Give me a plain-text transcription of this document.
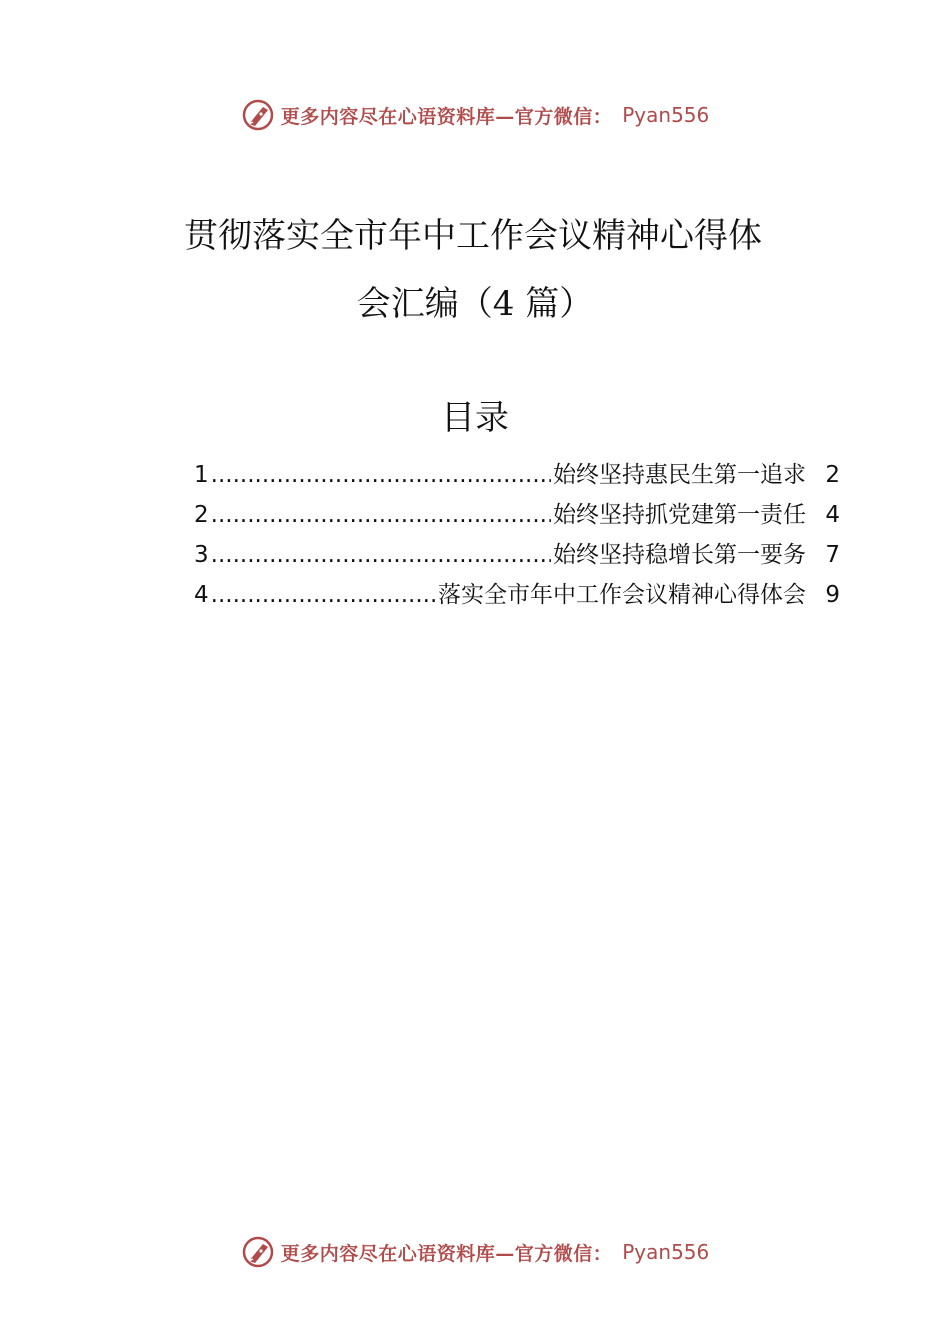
更多内容尽在心语资料库—官方微信： Pyan556
贯彻落实全市年中工作会议精神心得体
会汇编（4 篇）
目录
1 .....	始终坚持惠民生第一追求 2
2 .....	始终坚持抓党建第一责任 4
3 .....	始终坚持稳增长第一要务 7
4 .....	落实全市年中工作会议精神心得体会 9
更多内容尽在心语资料库—官方微信： Pyan556
